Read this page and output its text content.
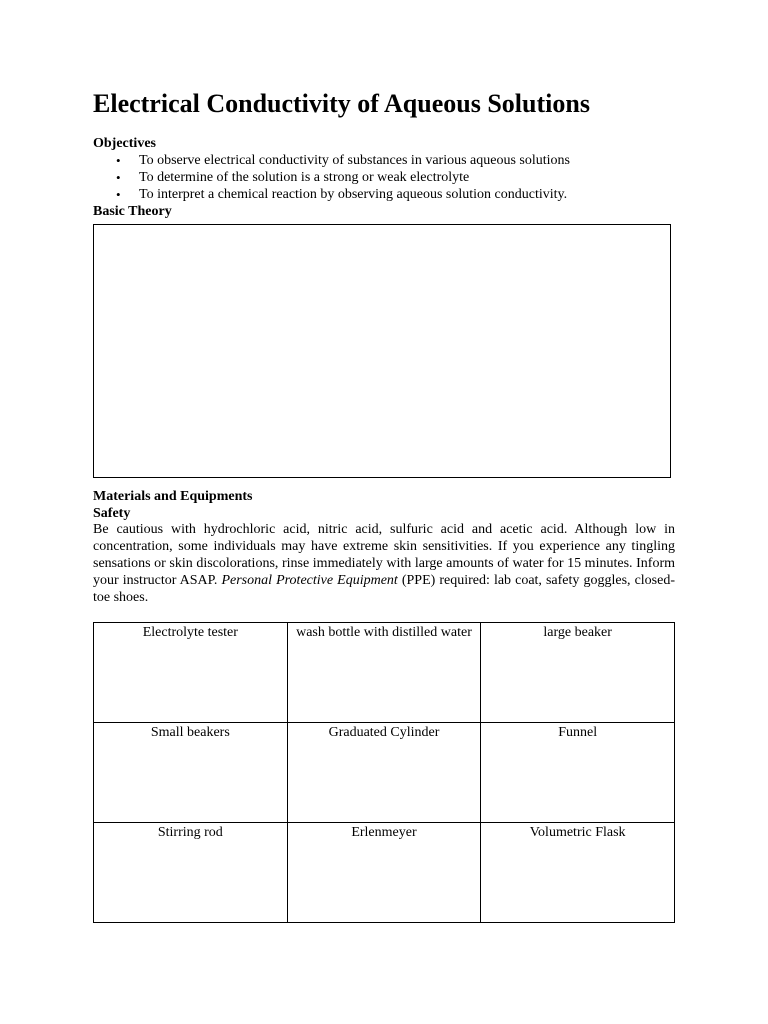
Electrical Conductivity of Aqueous Solutions
Objectives
• To observe electrical conductivity of substances in various aqueous solutions
• To determine of the solution is a strong or weak electrolyte
• To interpret a chemical reaction by observing aqueous solution conductivity.
Basic Theory
Materials and Equipments
Safety

Be cautious with hydrochloric acid, nitric acid, sulfuric acid and acetic acid. Although low in concentration, some individuals may have extreme skin sensitivities. If you experience any tingling sensations or skin discolorations, rinse immediately with large amounts of water for 15 minutes. Inform your instructor ASAP. Personal Protective Equipment (PPE) required: lab coat, safety goggles, closed-toe shoes.

Electrolyte tester	wash bottle with distilled water	large beaker
Small beakers	Graduated Cylinder	Funnel
Stirring rod	Erlenmeyer	Volumetric Flask
